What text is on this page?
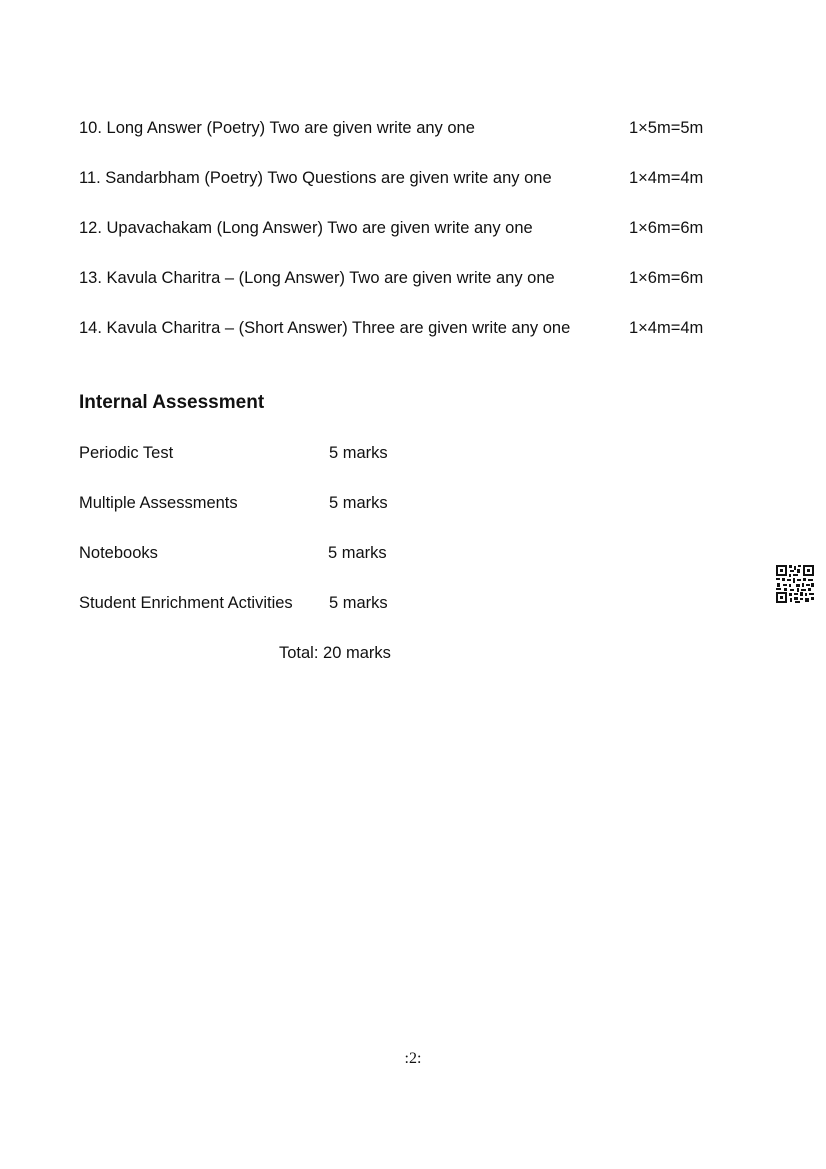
10. Long Answer (Poetry) Two are given write any one	1×5m=5m
11. Sandarbham (Poetry) Two Questions are given write any one	1×4m=4m
12. Upavachakam (Long Answer) Two are given write any one	1×6m=6m
13. Kavula Charitra – (Long Answer) Two are given write any one	1×6m=6m
14. Kavula Charitra – (Short Answer) Three are given write any one	1×4m=4m
Internal Assessment
Periodic Test	5 marks
Multiple Assessments	5 marks
Notebooks	5 marks
Student Enrichment Activities 5 marks
Total: 20 marks
:2:
